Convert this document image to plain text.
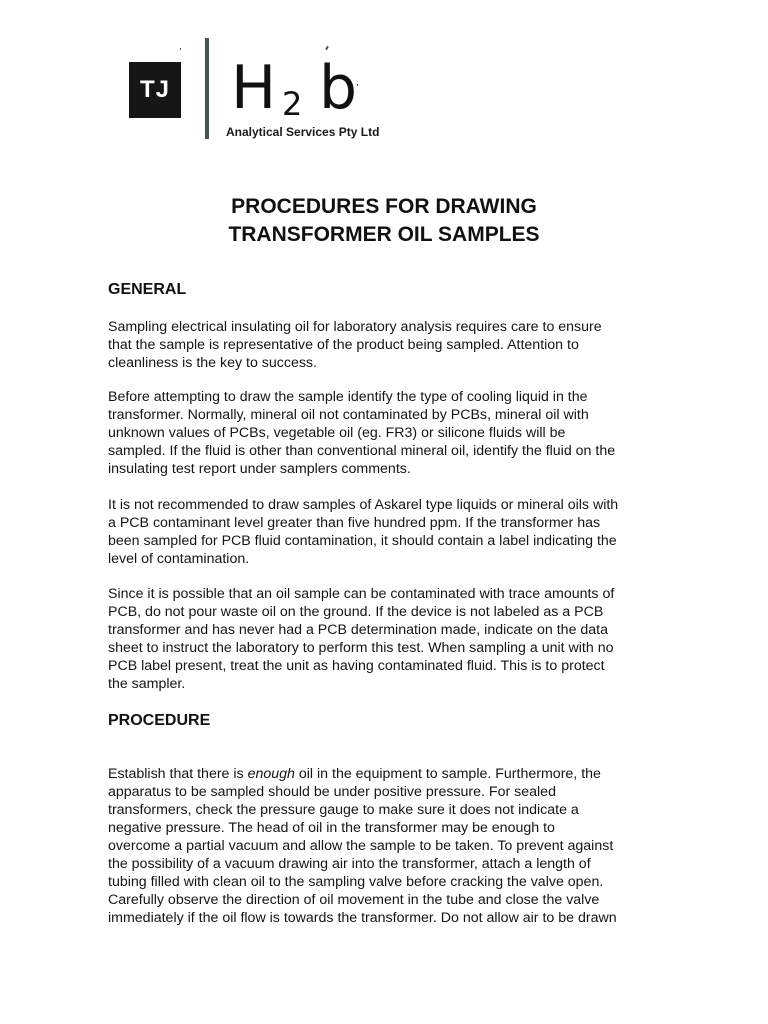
TJ H 2 b
Analytical Services Pty Ltd
PROCEDURES FOR DRAWING
TRANSFORMER OIL SAMPLES
GENERAL

Sampling electrical insulating oil for laboratory analysis requires care to ensure
that the sample is representative of the product being sampled. Attention to
cleanliness is the key to success.

Before attempting to draw the sample identify the type of cooling liquid in the
transformer. Normally, mineral oil not contaminated by PCBs, mineral oil with
unknown values of PCBs, vegetable oil (eg. FR3) or silicone fluids will be
sampled. If the fluid is other than conventional mineral oil, identify the fluid on the
insulating test report under samplers comments.

It is not recommended to draw samples of Askarel type liquids or mineral oils with
a PCB contaminant level greater than five hundred ppm. If the transformer has
been sampled for PCB fluid contamination, it should contain a label indicating the
level of contamination.

Since it is possible that an oil sample can be contaminated with trace amounts of
PCB, do not pour waste oil on the ground. If the device is not labeled as a PCB
transformer and has never had a PCB determination made, indicate on the data
sheet to instruct the laboratory to perform this test. When sampling a unit with no
PCB label present, treat the unit as having contaminated fluid. This is to protect
the sampler.

PROCEDURE

Establish that there is enough oil in the equipment to sample. Furthermore, the
apparatus to be sampled should be under positive pressure. For sealed
transformers, check the pressure gauge to make sure it does not indicate a
negative pressure. The head of oil in the transformer may be enough to
overcome a partial vacuum and allow the sample to be taken. To prevent against
the possibility of a vacuum drawing air into the transformer, attach a length of
tubing filled with clean oil to the sampling valve before cracking the valve open.
Carefully observe the direction of oil movement in the tube and close the valve
immediately if the oil flow is towards the transformer. Do not allow air to be drawn
